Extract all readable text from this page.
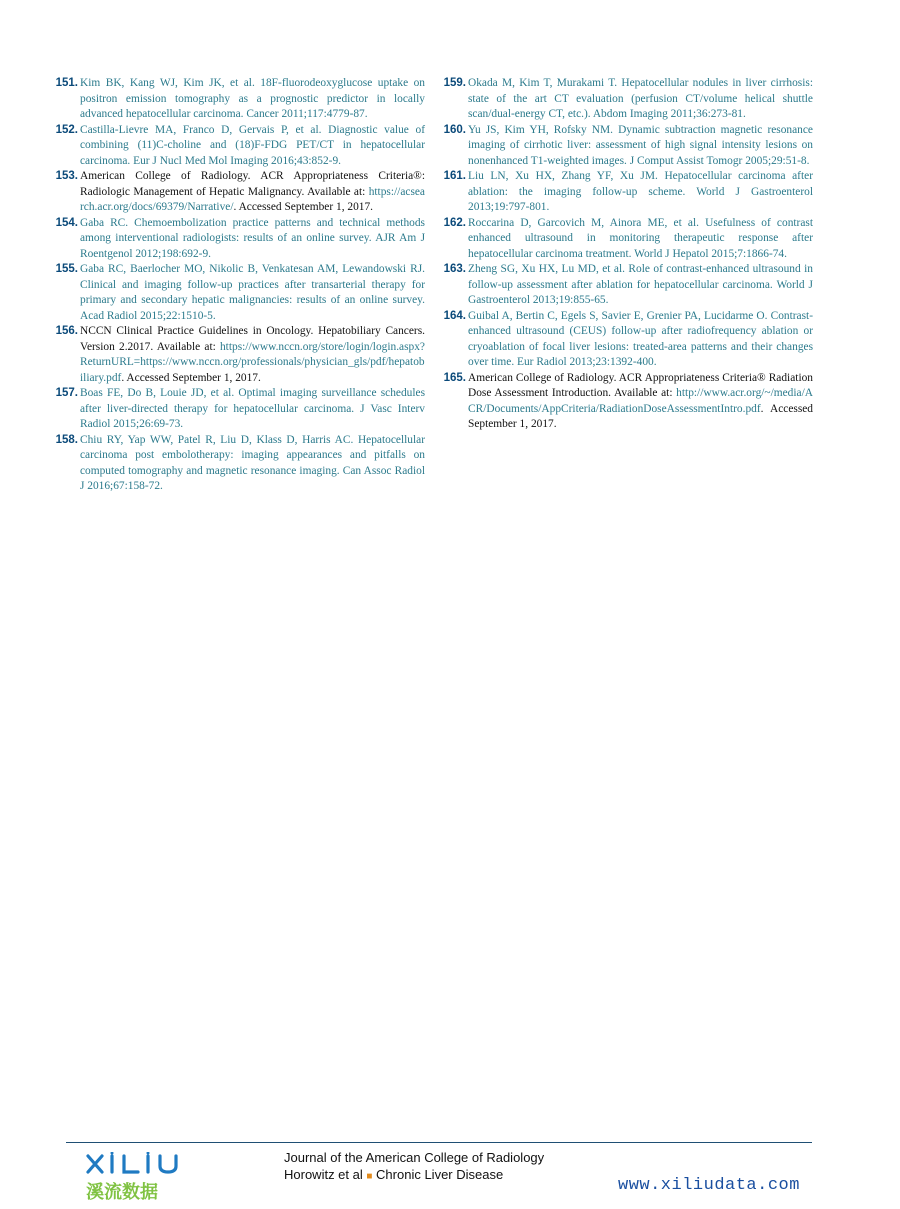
151. Kim BK, Kang WJ, Kim JK, et al. 18F-fluorodeoxyglucose uptake on positron emission tomography as a prognostic predictor in locally advanced hepatocellular carcinoma. Cancer 2011;117:4779-87.
152. Castilla-Lievre MA, Franco D, Gervais P, et al. Diagnostic value of combining (11)C-choline and (18)F-FDG PET/CT in hepatocellular carcinoma. Eur J Nucl Med Mol Imaging 2016;43:852-9.
153. American College of Radiology. ACR Appropriateness Criteria®: Radiologic Management of Hepatic Malignancy. Available at: https://acsearch.acr.org/docs/69379/Narrative/. Accessed September 1, 2017.
154. Gaba RC. Chemoembolization practice patterns and technical methods among interventional radiologists: results of an online survey. AJR Am J Roentgenol 2012;198:692-9.
155. Gaba RC, Baerlocher MO, Nikolic B, Venkatesan AM, Lewandowski RJ. Clinical and imaging follow-up practices after transarterial therapy for primary and secondary hepatic malignancies: results of an online survey. Acad Radiol 2015;22:1510-5.
156. NCCN Clinical Practice Guidelines in Oncology. Hepatobiliary Cancers. Version 2.2017. Available at: https://www.nccn.org/store/login/login.aspx?ReturnURL=https://www.nccn.org/professionals/physician_gls/pdf/hepatobiliary.pdf. Accessed September 1, 2017.
157. Boas FE, Do B, Louie JD, et al. Optimal imaging surveillance schedules after liver-directed therapy for hepatocellular carcinoma. J Vasc Interv Radiol 2015;26:69-73.
158. Chiu RY, Yap WW, Patel R, Liu D, Klass D, Harris AC. Hepatocellular carcinoma post embolotherapy: imaging appearances and pitfalls on computed tomography and magnetic resonance imaging. Can Assoc Radiol J 2016;67:158-72.
159. Okada M, Kim T, Murakami T. Hepatocellular nodules in liver cirrhosis: state of the art CT evaluation (perfusion CT/volume helical shuttle scan/dual-energy CT, etc.). Abdom Imaging 2011;36:273-81.
160. Yu JS, Kim YH, Rofsky NM. Dynamic subtraction magnetic resonance imaging of cirrhotic liver: assessment of high signal intensity lesions on nonenhanced T1-weighted images. J Comput Assist Tomogr 2005;29:51-8.
161. Liu LN, Xu HX, Zhang YF, Xu JM. Hepatocellular carcinoma after ablation: the imaging follow-up scheme. World J Gastroenterol 2013;19:797-801.
162. Roccarina D, Garcovich M, Ainora ME, et al. Usefulness of contrast enhanced ultrasound in monitoring therapeutic response after hepatocellular carcinoma treatment. World J Hepatol 2015;7:1866-74.
163. Zheng SG, Xu HX, Lu MD, et al. Role of contrast-enhanced ultrasound in follow-up assessment after ablation for hepatocellular carcinoma. World J Gastroenterol 2013;19:855-65.
164. Guibal A, Bertin C, Egels S, Savier E, Grenier PA, Lucidarme O. Contrast-enhanced ultrasound (CEUS) follow-up after radiofrequency ablation or cryoablation of focal liver lesions: treated-area patterns and their changes over time. Eur Radiol 2013;23:1392-400.
165. American College of Radiology. ACR Appropriateness Criteria® Radiation Dose Assessment Introduction. Available at: http://www.acr.org/~/media/ACR/Documents/AppCriteria/RadiationDoseAssessmentIntro.pdf. Accessed September 1, 2017.
溪流数据
Journal of the American College of Radiology
Horowitz et al ■ Chronic Liver Disease
www.xiliudata.com
